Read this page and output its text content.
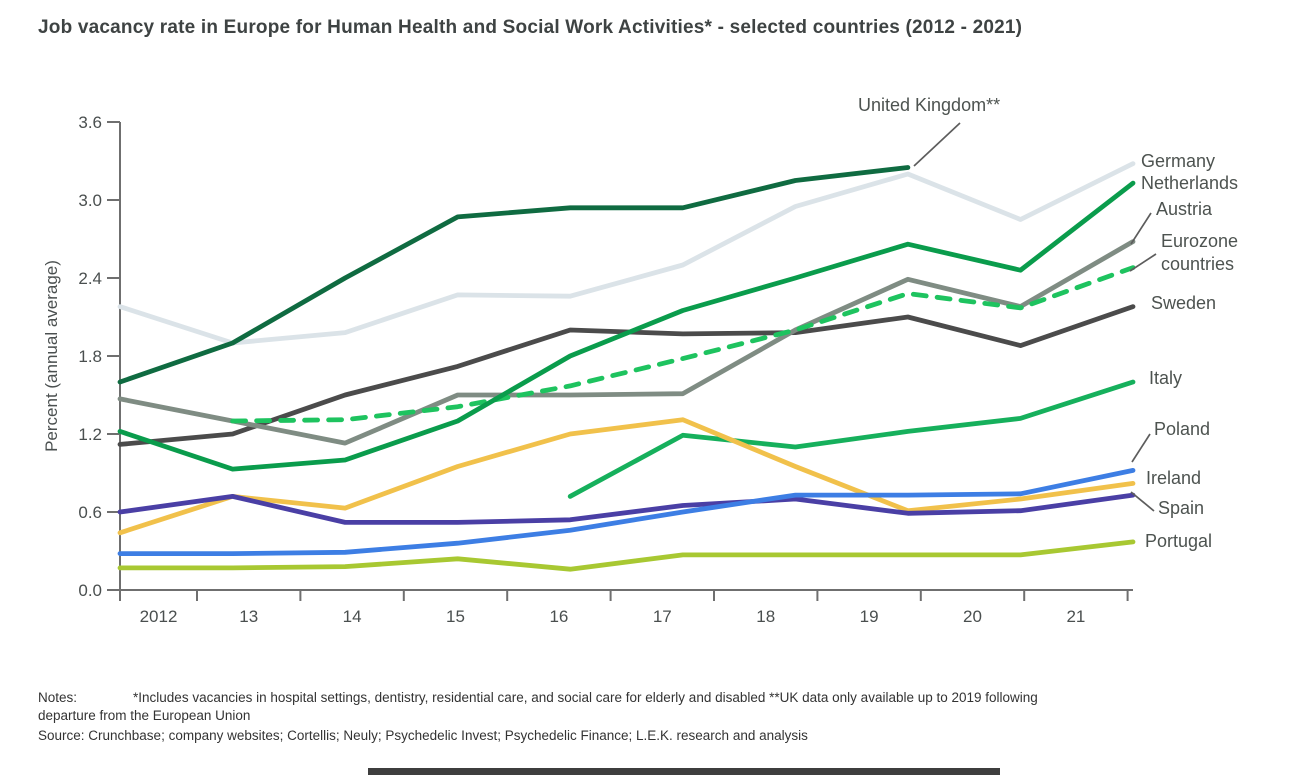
Job vacancy rate in Europe for Human Health and Social Work Activities* - selected countries (2012 - 2021)
Percent (annual average)
0.0
0.6
1.2
1.8
2.4
3.0
3.6
2012	13	14	15	16	17	18	19	20	21
United Kingdom**
Germany
Netherlands
Austria
Eurozone
countries
Sweden
Italy
Poland
Ireland
Spain
Portugal
Notes:	*Includes vacancies in hospital settings, dentistry, residential care, and social care for elderly and disabled **UK data only available up to 2019 following departure from the European Union
Source: Crunchbase; company websites; Cortellis; Neuly; Psychedelic Invest; Psychedelic Finance; L.E.K. research and analysis
